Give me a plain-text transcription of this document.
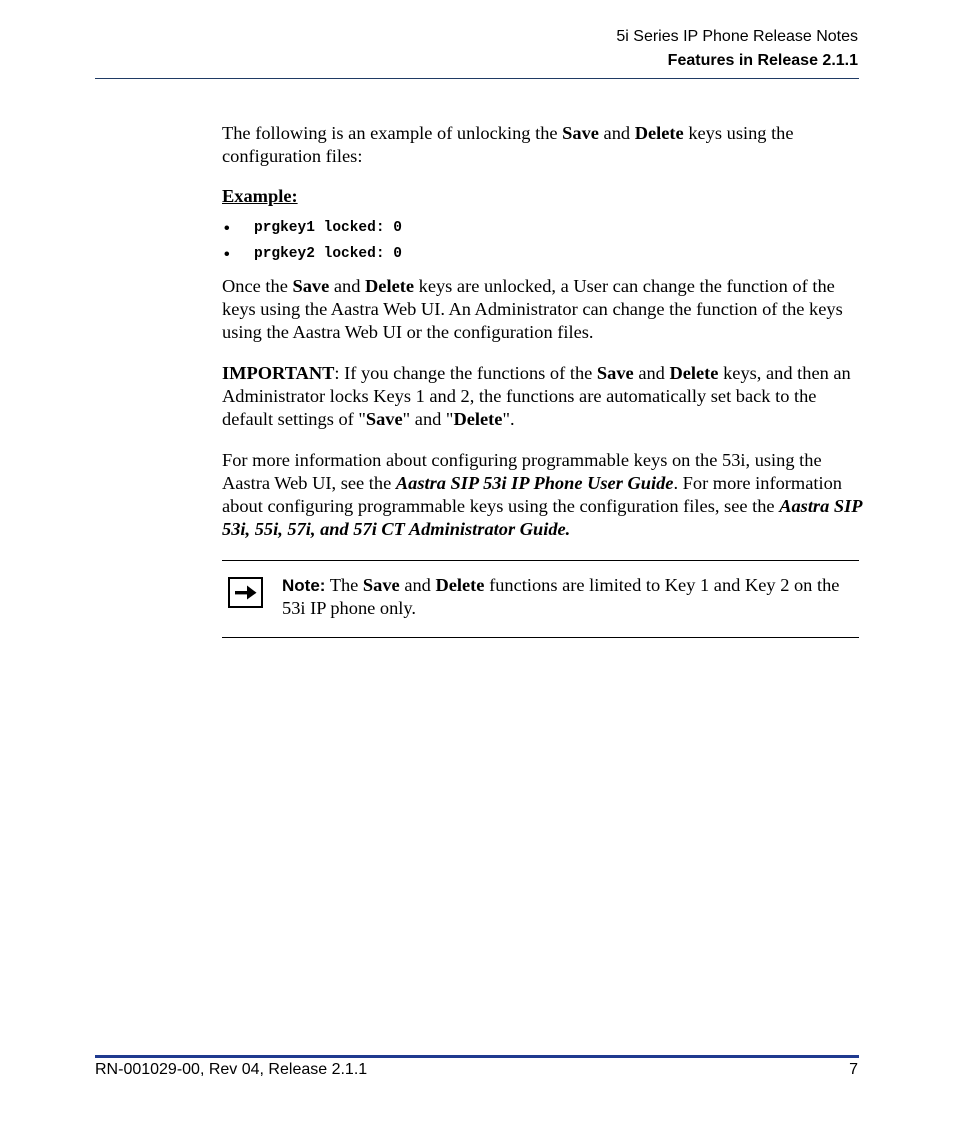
5i Series IP Phone Release Notes
Features in Release 2.1.1

The following is an example of unlocking the Save and Delete keys using the configuration files:

Example:

• prgkey1 locked: 0
• prgkey2 locked: 0

Once the Save and Delete keys are unlocked, a User can change the function of the keys using the Aastra Web UI. An Administrator can change the function of the keys using the Aastra Web UI or the configuration files.

IMPORTANT: If you change the functions of the Save and Delete keys, and then an Administrator locks Keys 1 and 2, the functions are automatically set back to the default settings of "Save" and "Delete".

For more information about configuring programmable keys on the 53i, using the Aastra Web UI, see the Aastra SIP 53i IP Phone User Guide. For more information about configuring programmable keys using the configuration files, see the Aastra SIP 53i, 55i, 57i, and 57i CT Administrator Guide.

Note: The Save and Delete functions are limited to Key 1 and Key 2 on the 53i IP phone only.
RN-001029-00, Rev 04, Release 2.1.1	7
